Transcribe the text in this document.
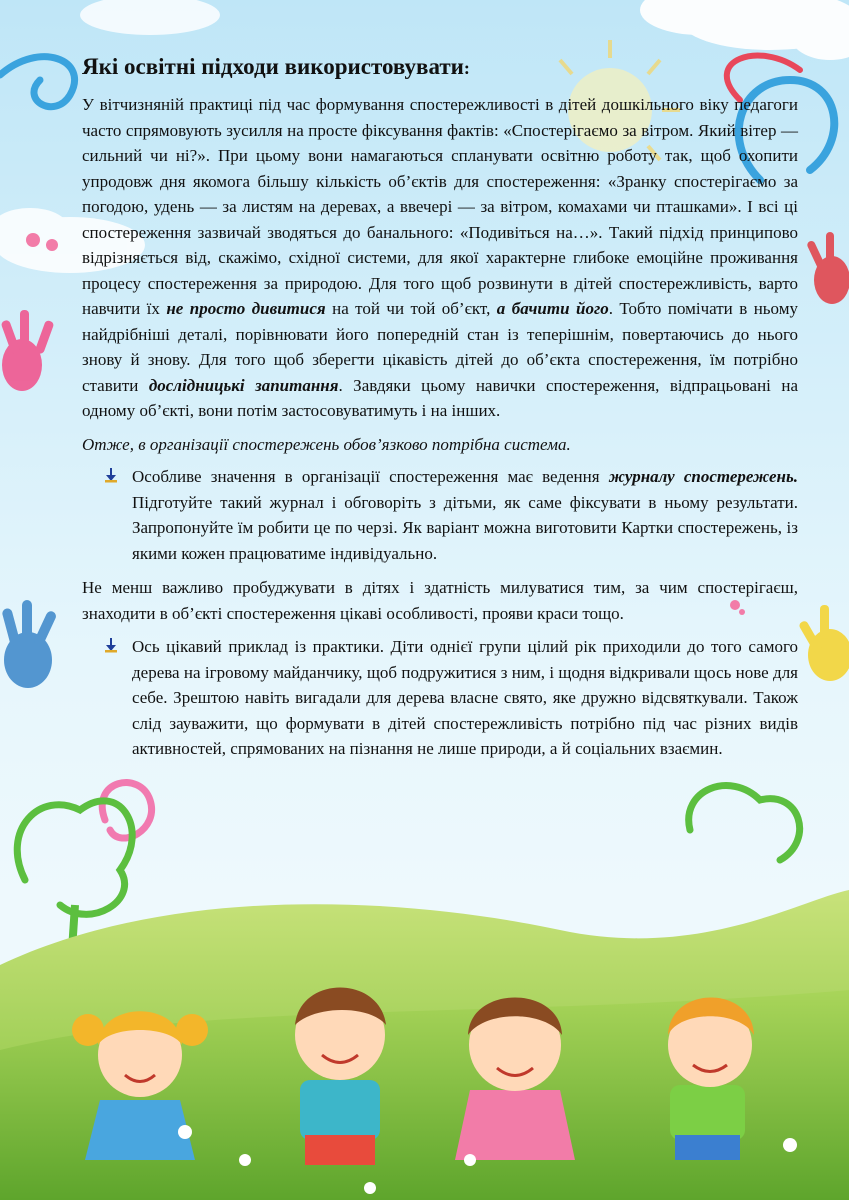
Які освітні підходи використовувати:

У вітчизняній практиці під час формування спостережливості в дітей дошкільного віку педагоги часто спрямовують зусилля на просте фіксування фактів: «Спостерігаємо за вітром. Який вітер — сильний чи ні?». При цьому вони намагаються спланувати освітню роботу так, щоб охопити упродовж дня якомога більшу кількість об’єктів для спостереження: «Зранку спостерігаємо за погодою, удень — за листям на деревах, а ввечері — за вітром, комахами чи пташками». І всі ці спостереження зазвичай зводяться до банального: «Подивіться на…». Такий підхід принципово відрізняється від, скажімо, східної системи, для якої характерне глибоке емоційне проживання процесу спостереження за природою. Для того щоб розвинути в дітей спостережливість, варто навчити їх не просто дивитися на той чи той об’єкт, а бачити його. Тобто помічати в ньому найдрібніші деталі, порівнювати його попередній стан із теперішнім, повертаючись до нього знову й знову. Для того щоб зберегти цікавість дітей до об’єкта спостереження, їм потрібно ставити дослідницькі запитання. Завдяки цьому навички спостереження, відпрацьовані на одному об’єкті, вони потім застосовуватимуть і на інших.

Отже, в організації спостережень обов’язково потрібна система.

Особливе значення в організації спостереження має ведення журналу спостережень. Підготуйте такий журнал і обговоріть з дітьми, як саме фіксувати в ньому результати. Запропонуйте їм робити це по черзі. Як варіант можна виготовити Картки спостережень, із якими кожен працюватиме індивідуально.

Не менш важливо пробуджувати в дітях і здатність милуватися тим, за чим спостерігаєш, знаходити в об’єкті спостереження цікаві особливості, прояви краси тощо.

Ось цікавий приклад із практики. Діти однієї групи цілий рік приходили до того самого дерева на ігровому майданчику, щоб подружитися з ним, і щодня відкривали щось нове для себе. Зрештою навіть вигадали для дерева власне свято, яке дружно відсвяткували. Також слід зауважити, що формувати в дітей спостережливість потрібно під час різних видів активностей, спрямованих на пізнання не лише природи, а й соціальних взаємин.
